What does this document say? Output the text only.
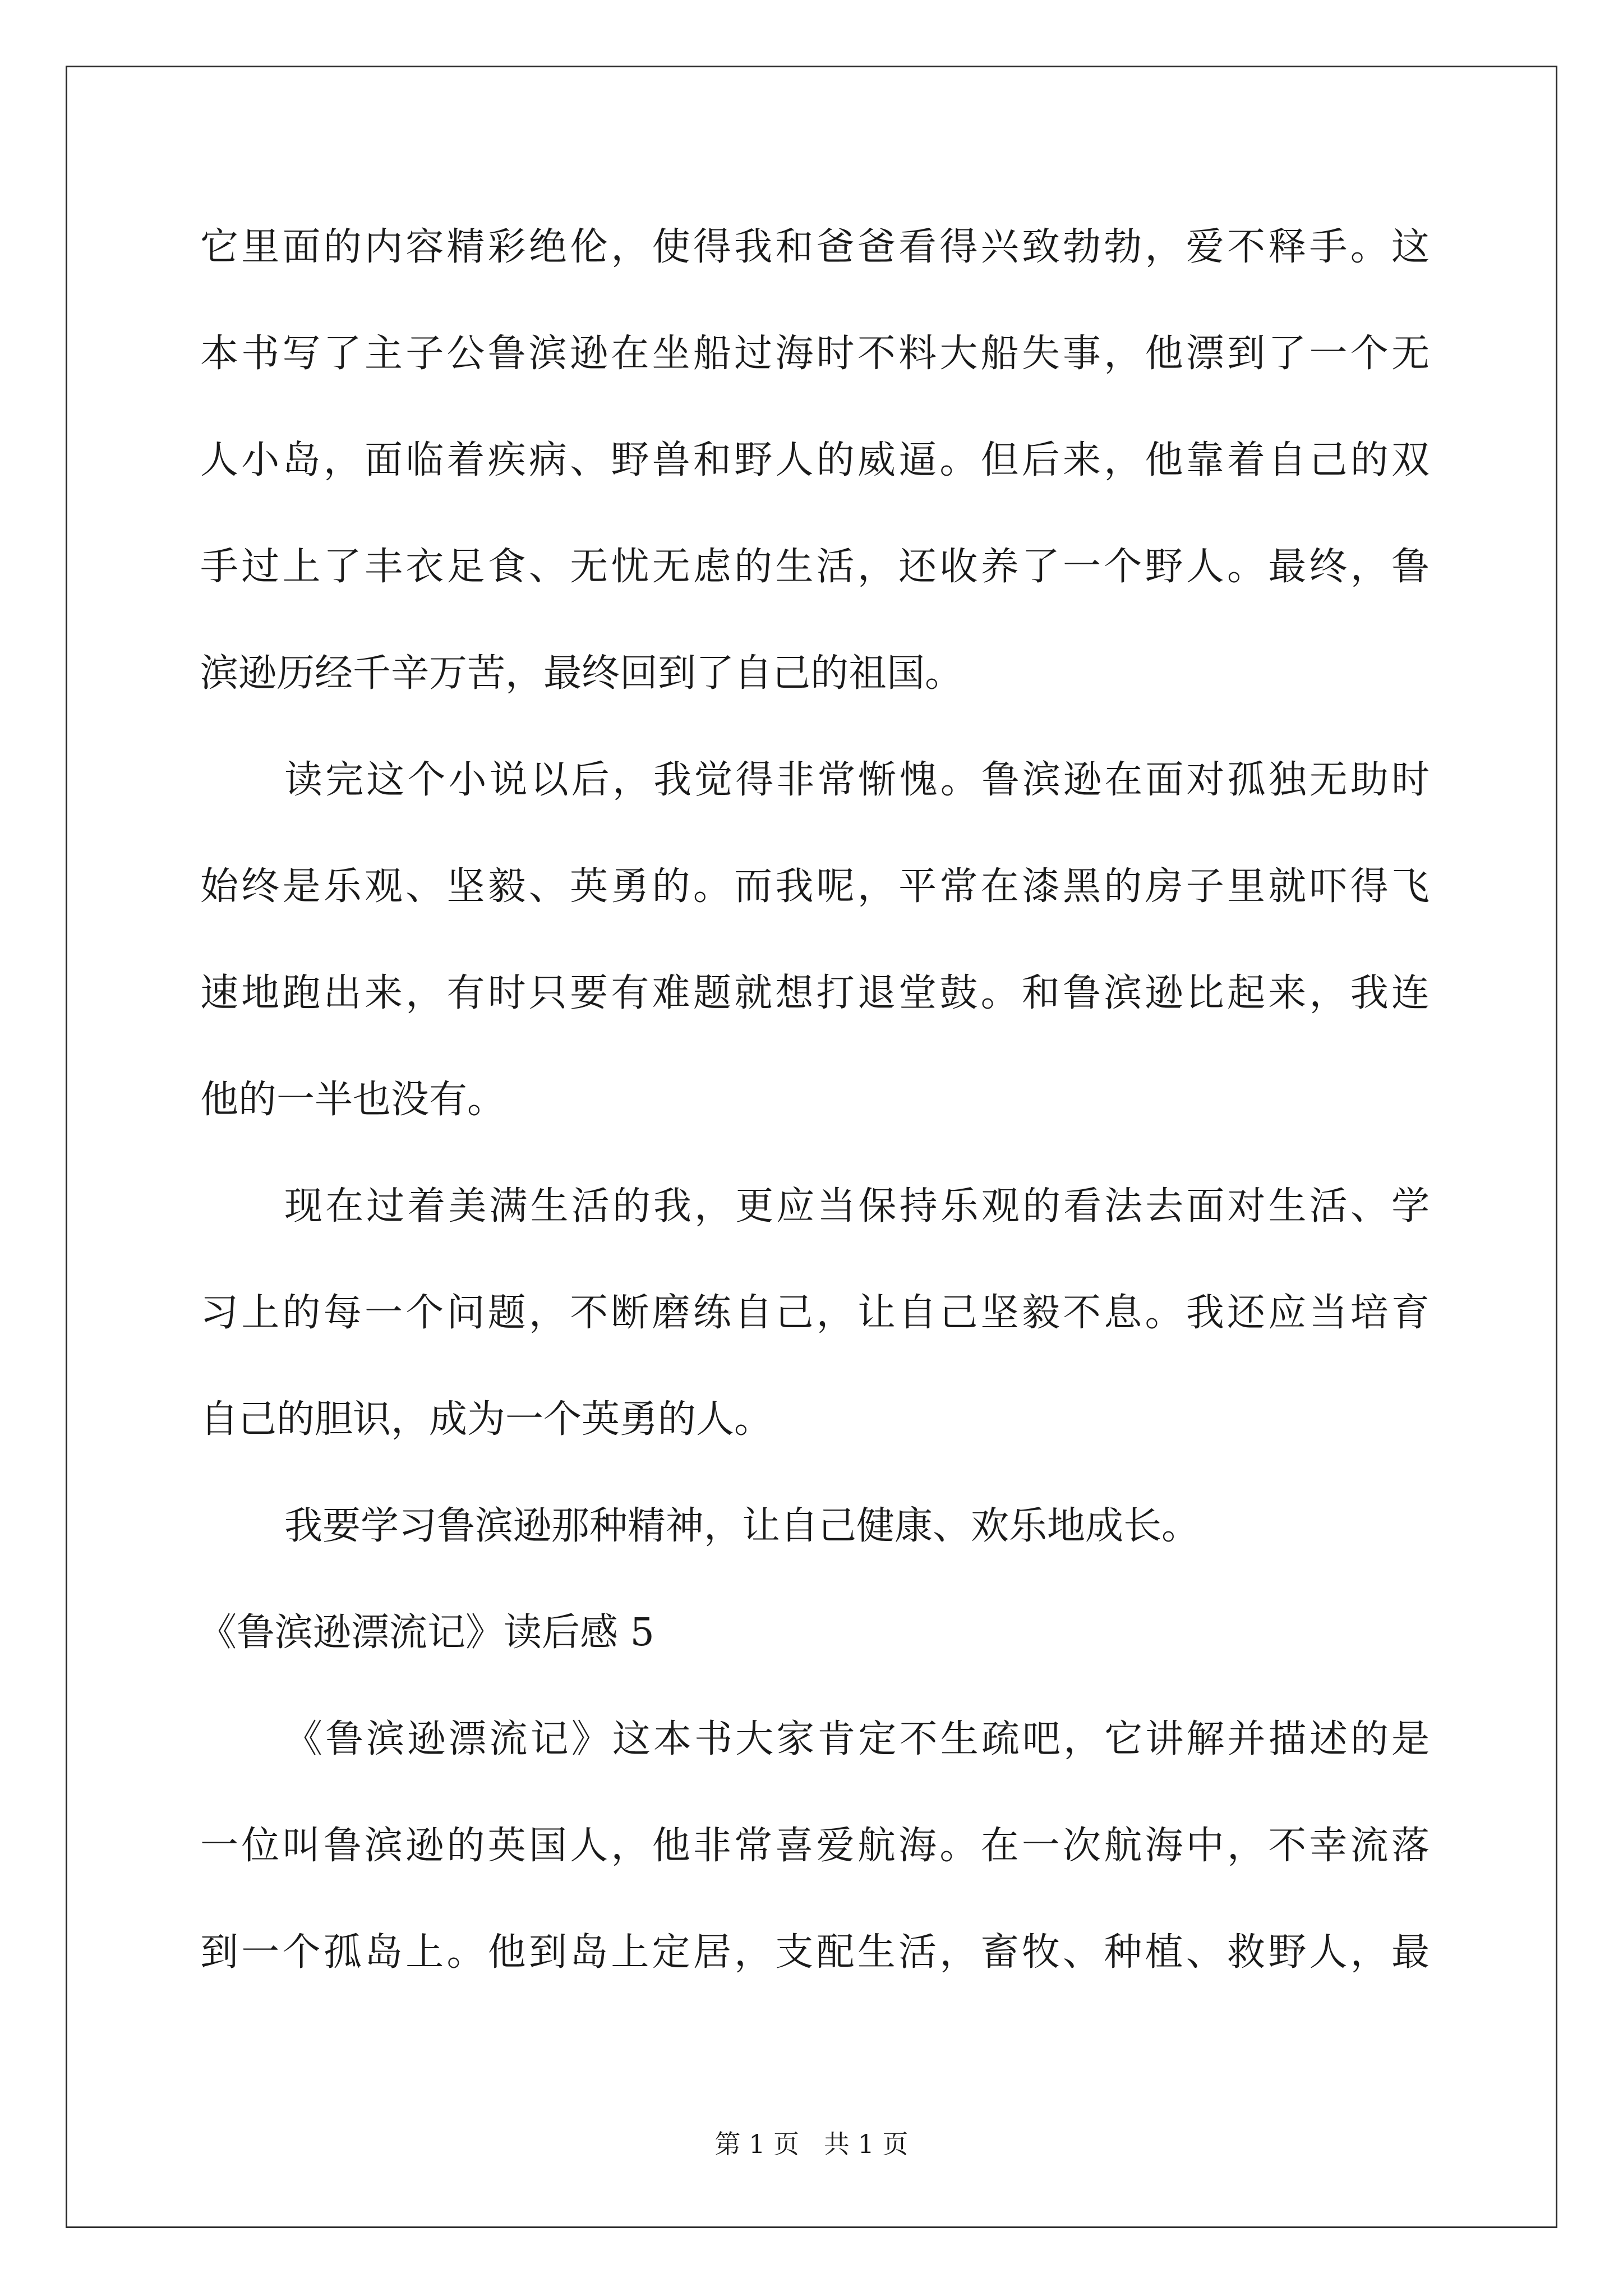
它里面的内容精彩绝伦，使得我和爸爸看得兴致勃勃，爱不释手。这

本书写了主子公鲁滨逊在坐船过海时不料大船失事，他漂到了一个无

人小岛，面临着疾病、野兽和野人的威逼。但后来，他靠着自己的双

手过上了丰衣足食、无忧无虑的生活，还收养了一个野人。最终，鲁

滨逊历经千辛万苦，最终回到了自己的祖国。

读完这个小说以后，我觉得非常惭愧。鲁滨逊在面对孤独无助时

始终是乐观、坚毅、英勇的。而我呢，平常在漆黑的房子里就吓得飞

速地跑出来，有时只要有难题就想打退堂鼓。和鲁滨逊比起来，我连

他的一半也没有。

现在过着美满生活的我，更应当保持乐观的看法去面对生活、学

习上的每一个问题，不断磨练自己，让自己坚毅不息。我还应当培育

自己的胆识，成为一个英勇的人。

我要学习鲁滨逊那种精神，让自己健康、欢乐地成长。

《鲁滨逊漂流记》读后感 5

《鲁滨逊漂流记》这本书大家肯定不生疏吧，它讲解并描述的是

一位叫鲁滨逊的英国人，他非常喜爱航海。在一次航海中，不幸流落

到一个孤岛上。他到岛上定居，支配生活，畜牧、种植、救野人，最

第 1 页   共 1 页
